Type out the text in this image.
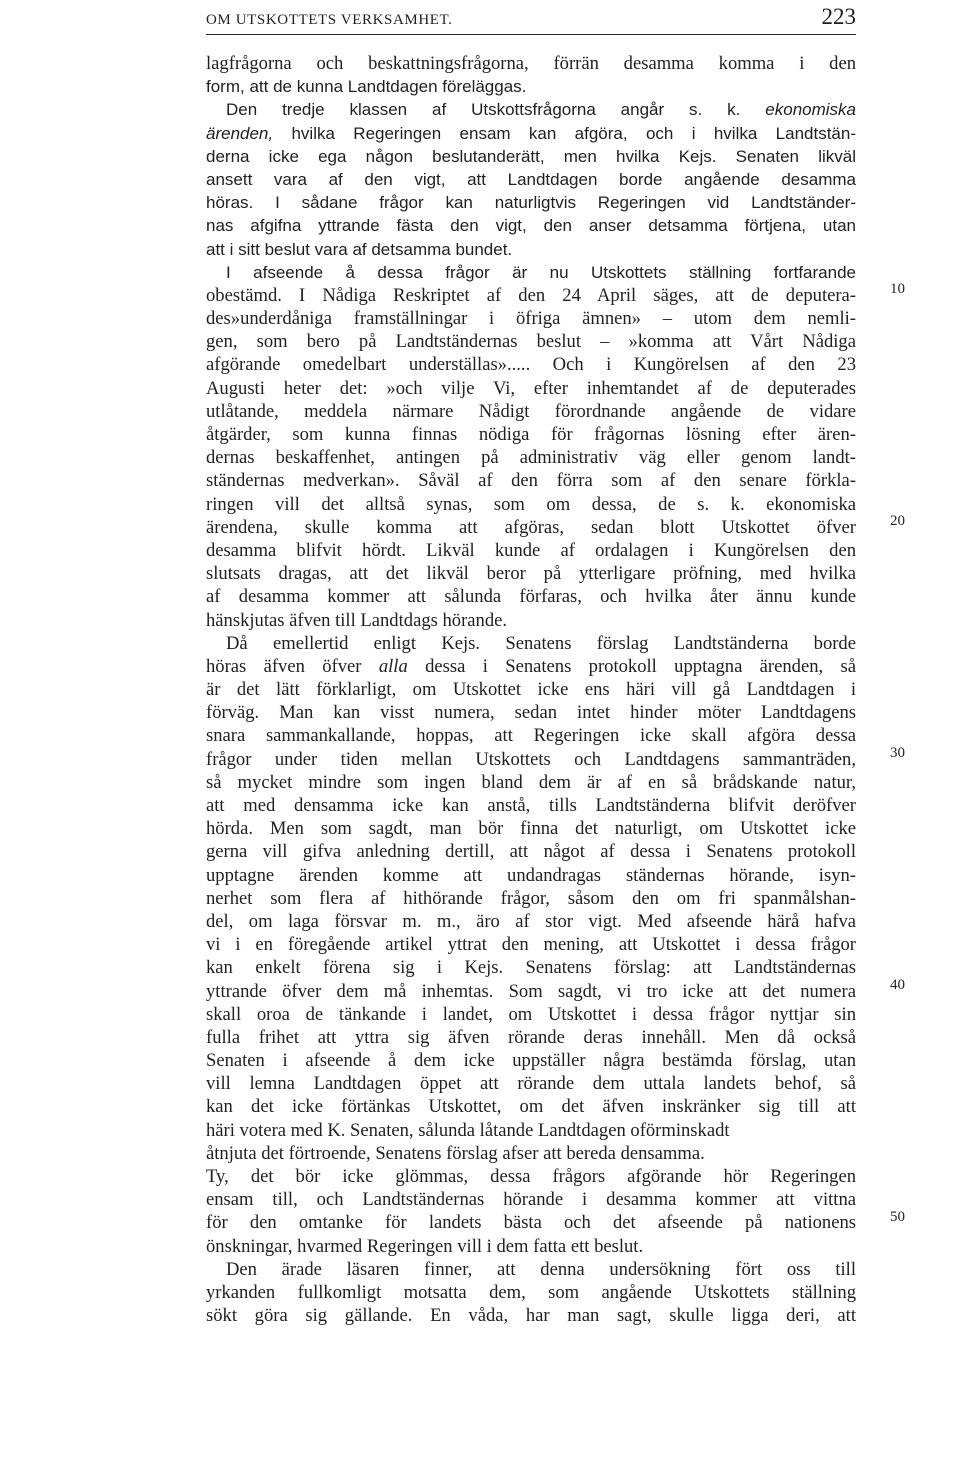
OM UTSKOTTETS VERKSAMHET.	223
lagfrågorna och beskattningsfrågorna, förrän desamma komma i den
form, att de kunna Landtdagen föreläggas.
Den tredje klassen af Utskottsfrågorna angår s. k. ekonomiska
ärenden, hvilka Regeringen ensam kan afgöra, och i hvilka Landtstän-
derna icke ega någon beslutanderätt, men hvilka Kejs. Senaten likväl
ansett vara af den vigt, att Landtdagen borde angående desamma
höras. I sådane frågor kan naturligtvis Regeringen vid Landtständer-
nas afgifna yttrande fästa den vigt, den anser detsamma förtjena, utan
att i sitt beslut vara af detsamma bundet.
I afseende å dessa frågor är nu Utskottets ställning fortfarande
obestämd. I Nådiga Reskriptet af den 24 April säges, att de deputera-
des»underdåniga framställningar i öfriga ämnen» – utom dem nemli-
gen, som bero på Landtständernas beslut – »komma att Vårt Nådiga
afgörande omedelbart underställas»..... Och i Kungörelsen af den 23
Augusti heter det: »och vilje Vi, efter inhemtandet af de deputerades
utlåtande, meddela närmare Nådigt förordnande angående de vidare
åtgärder, som kunna finnas nödiga för frågornas lösning efter ären-
dernas beskaffenhet, antingen på administrativ väg eller genom landt-
ständernas medverkan». Såväl af den förra som af den senare förkla-
ringen vill det alltså synas, som om dessa, de s. k. ekonomiska
ärendena, skulle komma att afgöras, sedan blott Utskottet öfver
desamma blifvit hördt. Likväl kunde af ordalagen i Kungörelsen den
slutsats dragas, att det likväl beror på ytterligare pröfning, med hvilka
af desamma kommer att sålunda förfaras, och hvilka åter ännu kunde
hänskjutas äfven till Landtdags hörande.
Då emellertid enligt Kejs. Senatens förslag Landtständerna borde
höras äfven öfver alla dessa i Senatens protokoll upptagna ärenden, så
är det lätt förklarligt, om Utskottet icke ens häri vill gå Landtdagen i
förväg. Man kan visst numera, sedan intet hinder möter Landtdagens
snara sammankallande, hoppas, att Regeringen icke skall afgöra dessa
frågor under tiden mellan Utskottets och Landtdagens sammanträden,
så mycket mindre som ingen bland dem är af en så brådskande natur,
att med densamma icke kan anstå, tills Landtständerna blifvit deröfver
hörda. Men som sagdt, man bör finna det naturligt, om Utskottet icke
gerna vill gifva anledning dertill, att något af dessa i Senatens protokoll
upptagne ärenden komme att undandragas ständernas hörande, isyn-
nerhet som flera af hithörande frågor, såsom den om fri spanmålshan-
del, om laga försvar m. m., äro af stor vigt. Med afseende härå hafva
vi i en föregående artikel yttrat den mening, att Utskottet i dessa frågor
kan enkelt förena sig i Kejs. Senatens förslag: att Landtständernas
yttrande öfver dem må inhemtas. Som sagdt, vi tro icke att det numera
skall oroa de tänkande i landet, om Utskottet i dessa frågor nyttjar sin
fulla frihet att yttra sig äfven rörande deras innehåll. Men då också
Senaten i afseende å dem icke uppställer några bestämda förslag, utan
vill lemna Landtdagen öppet att rörande dem uttala landets behof, så
kan det icke förtänkas Utskottet, om det äfven inskränker sig till att
häri votera med K. Senaten, sålunda låtande Landtdagen oförminskadt
åtnjuta det förtroende, Senatens förslag afser att bereda densamma.
Ty, det bör icke glömmas, dessa frågors afgörande hör Regeringen
ensam till, och Landtständernas hörande i desamma kommer att vittna
för den omtanke för landets bästa och det afseende på nationens
önskningar, hvarmed Regeringen vill i dem fatta ett beslut.
Den ärade läsaren finner, att denna undersökning fört oss till
yrkanden fullkomligt motsatta dem, som angående Utskottets ställning
sökt göra sig gällande. En våda, har man sagt, skulle ligga deri, att
10
20
30
40
50
